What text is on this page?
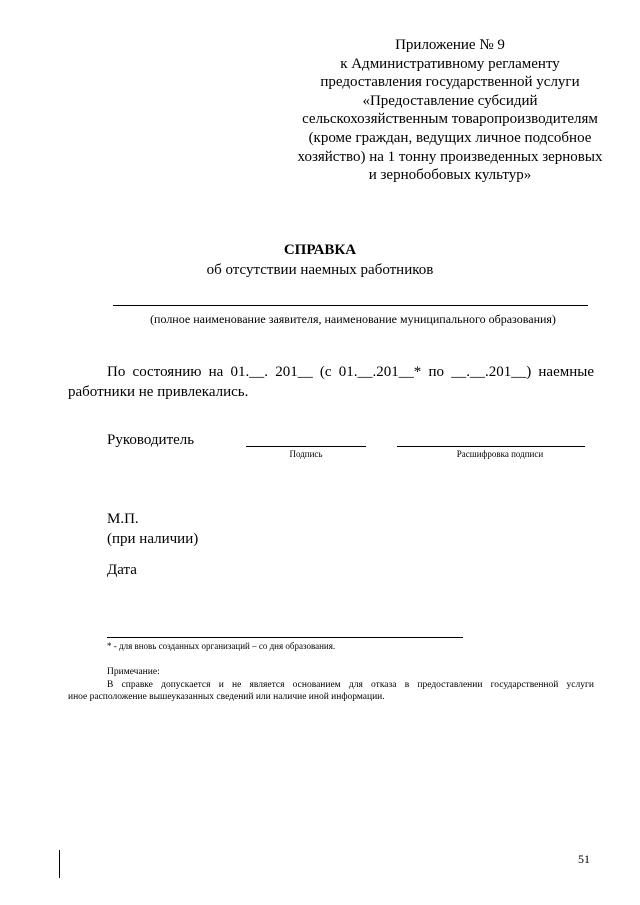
Приложение № 9
к Административному регламенту
предоставления государственной услуги
«Предоставление субсидий
сельскохозяйственным товаропроизводителям
(кроме граждан, ведущих личное подсобное
хозяйство) на 1 тонну произведенных зерновых
и зернобобовых культур»
СПРАВКА
об отсутствии наемных работников
(полное наименование заявителя, наименование муниципального образования)
По состоянию на 01.__. 201__ (с 01.__.201__* по __.__.201__) наемные
работники не привлекались.
Руководитель
Подпись	Расшифровка подписи
М.П.
(при наличии)
Дата
* - для вновь созданных организаций – со дня образования.
Примечание:
В справке допускается и не является основанием для отказа в предоставлении государственной услуги
иное расположение вышеуказанных сведений или наличие иной информации.
51
